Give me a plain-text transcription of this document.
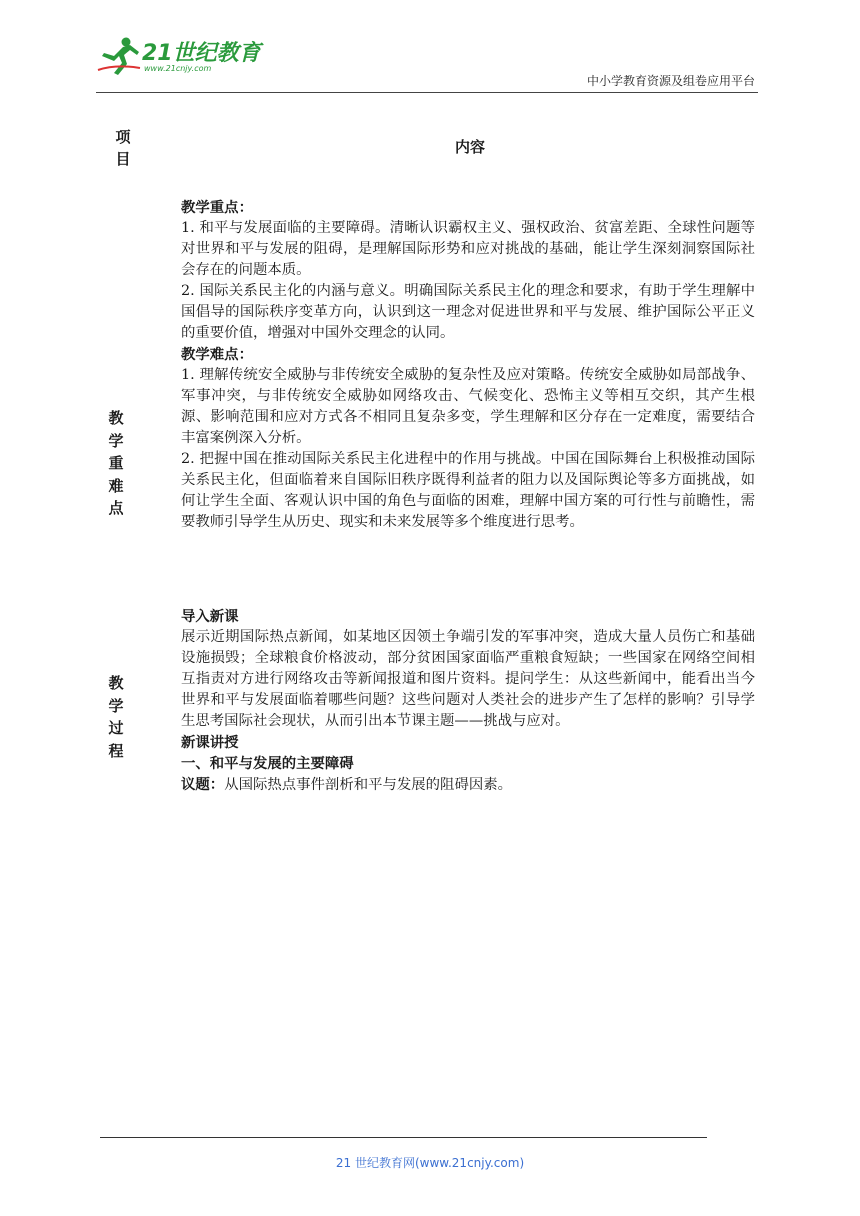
21世纪教育
www.21cnjy.com
中小学教育资源及组卷应用平台
项
目
内容
教
学
重
难
点

教学重点：

1. 和平与发展面临的主要障碍。清晰认识霸权主义、强权政治、贫富差距、全球性问题等对世界和平与发展的阻碍，是理解国际形势和应对挑战的基础，能让学生深刻洞察国际社会存在的问题本质。

2. 国际关系民主化的内涵与意义。明确国际关系民主化的理念和要求，有助于学生理解中国倡导的国际秩序变革方向，认识到这一理念对促进世界和平与发展、维护国际公平正义的重要价值，增强对中国外交理念的认同。

教学难点：

1. 理解传统安全威胁与非传统安全威胁的复杂性及应对策略。传统安全威胁如局部战争、军事冲突，与非传统安全威胁如网络攻击、气候变化、恐怖主义等相互交织，其产生根源、影响范围和应对方式各不相同且复杂多变，学生理解和区分存在一定难度，需要结合丰富案例深入分析。

2. 把握中国在推动国际关系民主化进程中的作用与挑战。中国在国际舞台上积极推动国际关系民主化，但面临着来自国际旧秩序既得利益者的阻力以及国际舆论等多方面挑战，如何让学生全面、客观认识中国的角色与面临的困难，理解中国方案的可行性与前瞻性，需要教师引导学生从历史、现实和未来发展等多个维度进行思考。

教
学
过
程

导入新课

展示近期国际热点新闻，如某地区因领土争端引发的军事冲突，造成大量人员伤亡和基础设施损毁；全球粮食价格波动，部分贫困国家面临严重粮食短缺；一些国家在网络空间相互指责对方进行网络攻击等新闻报道和图片资料。提问学生：从这些新闻中，能看出当今世界和平与发展面临着哪些问题？这些问题对人类社会的进步产生了怎样的影响？引导学生思考国际社会现状，从而引出本节课主题——挑战与应对。

新课讲授

一、和平与发展的主要障碍

议题：从国际热点事件剖析和平与发展的阻碍因素。

21 世纪教育网(www.21cnjy.com)
